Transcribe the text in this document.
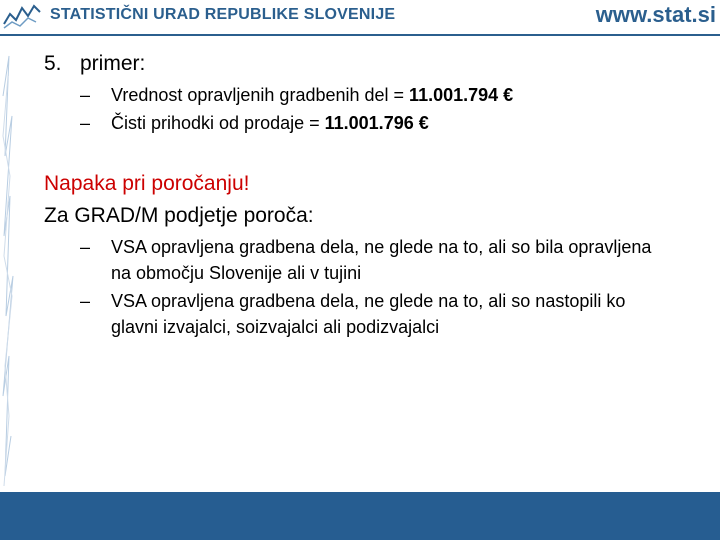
STATISTIČNI URAD REPUBLIKE SLOVENIJE	www.stat.si
5. primer:
–	Vrednost opravljenih gradbenih del = 11.001.794 €
–	Čisti prihodki od prodaje = 11.001.796 €
Napaka pri poročanju!
Za GRAD/M podjetje poroča:
–	VSA opravljena gradbena dela, ne glede na to, ali so bila opravljena na območju Slovenije ali v tujini
–	VSA opravljena gradbena dela, ne glede na to, ali so nastopili ko glavni izvajalci, soizvajalci ali podizvajalci
